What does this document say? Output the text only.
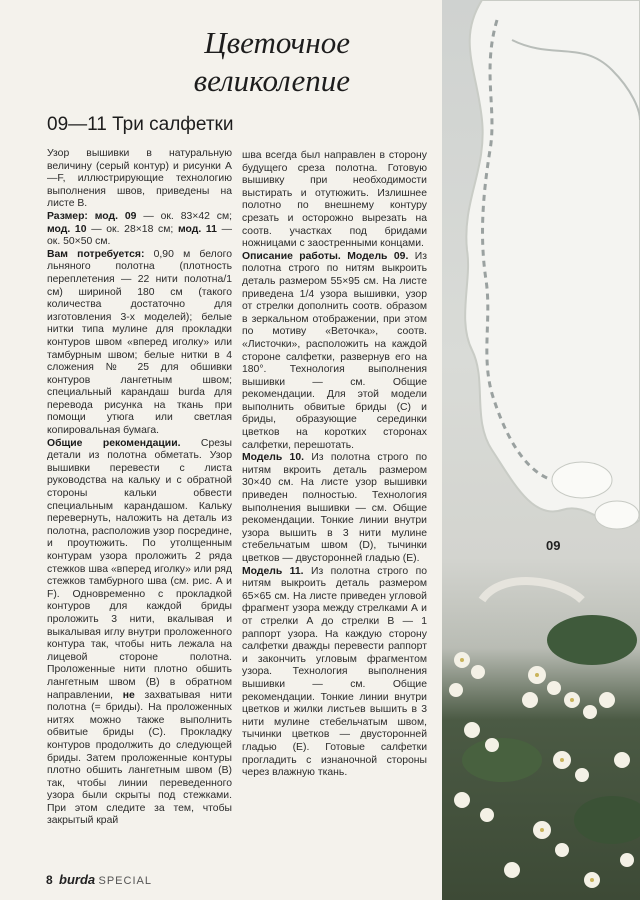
Цветочное
великолепие
09—11 Три салфетки

Узор вышивки в натуральную величину (серый контур) и рисунки А—F, иллюстрирующие технологию выполнения швов, приведены на листе В.

Размер: мод. 09 — ок. 83×42 см; мод. 10 — ок. 28×18 см; мод. 11 — ок. 50×50 см.

Вам потребуется: 0,90 м белого льняного полотна (плотность переплетения — 22 нити полотна/1 см) шириной 180 см (такого количества достаточно для изготовления 3-х моделей); белые нитки типа мулине для прокладки контуров швом «вперед иголку» или тамбурным швом; белые нитки в 4 сложения № 25 для обшивки контуров лангетным швом; специальный карандаш burda для перевода рисунка на ткань при помощи утюга или светлая копировальная бумага.

Общие рекомендации. Срезы детали из полотна обметать. Узор вышивки перевести с листа руководства на кальку и с обратной стороны кальки обвести специальным карандашом. Кальку перевернуть, наложить на деталь из полотна, расположив узор посредине, и проутюжить. По утолщенным контурам узора проложить 2 ряда стежков шва «вперед иголку» или ряд стежков тамбурного шва (см. рис. А и F). Одновременно с прокладкой контуров для каждой бриды проложить 3 нити, вкалывая и выкалывая иглу внутри проложенного контура так, чтобы нить лежала на лицевой стороне полотна. Проложенные нити плотно обшить лангетным швом (В) в обратном направлении, не захватывая нити полотна (= бриды). На проложенных нитях можно также выполнить обвитые бриды (С). Прокладку контуров продолжить до следующей бриды. Затем проложенные контуры плотно обшить лангетным швом (В) так, чтобы линии переведенного узора были скрыты под стежками. При этом следите за тем, чтобы закрытый край

шва всегда был направлен в сторону будущего среза полотна. Готовую вышивку при необходимости выстирать и отутюжить. Излишнее полотно по внешнему контуру срезать и осторожно вырезать на соотв. участках под бридами ножницами с заостренными концами.

Описание работы. Модель 09. Из полотна строго по нитям выкроить деталь размером 55×95 см. На листе приведена 1/4 узора вышивки, узор от стрелки дополнить соотв. образом в зеркальном отображении, при этом по мотиву «Веточка», соотв. «Листочки», расположить на каждой стороне салфетки, развернув его на 180°. Технология выполнения вышивки — см. Общие рекомендации. Для этой модели выполнить обвитые бриды (С) и бриды, образующие серединки цветков на коротких сторонах салфетки, перешотать.

Модель 10. Из полотна строго по нитям вкроить деталь размером 30×40 см. На листе узор вышивки приведен полностью. Технология выполнения вышивки — см. Общие рекомендации. Тонкие линии внутри узора вышить в 3 нити мулине стебельчатым швом (D), тычинки цветков — двусторонней гладью (Е).

Модель 11. Из полотна строго по нитям выкроить деталь размером 65×65 см. На листе приведен угловой фрагмент узора между стрелками А и от стрелки А до стрелки В — 1 раппорт узора. На каждую сторону салфетки дважды перевести раппорт и закончить угловым фрагментом узора. Технология выполнения вышивки — см. Общие рекомендации. Тонкие линии внутри цветков и жилки листьев вышить в 3 нити мулине стебельчатым швом, тычинки цветков — двусторонней гладью (Е). Готовые салфетки прогладить с изнаночной стороны через влажную ткань.

09
8 burda SPECIAL
